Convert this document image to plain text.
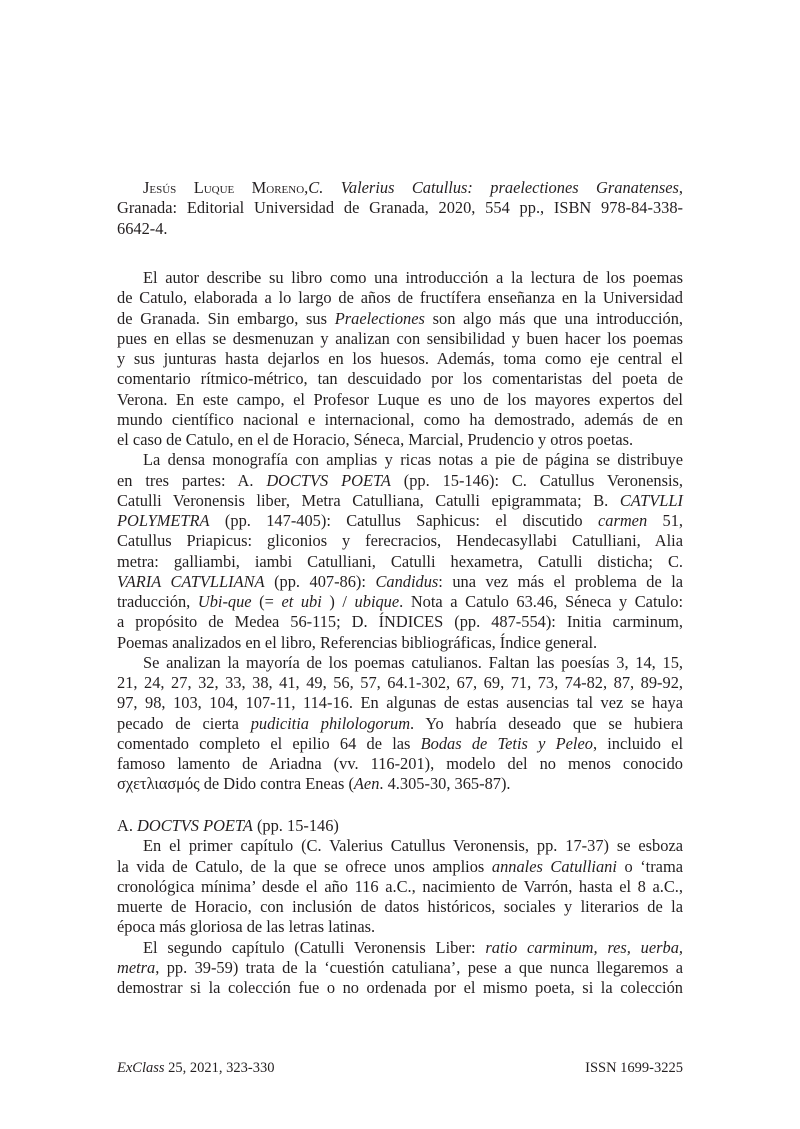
Jesús Luque Moreno,C. Valerius Catullus: praelectiones Granatenses,
Granada: Editorial Universidad de Granada, 2020, 554 pp., ISBN 978-84-338-
6642-4.
El autor describe su libro como una introducción a la lectura de los poemas
de Catulo, elaborada a lo largo de años de fructífera enseñanza en la Universidad
de Granada. Sin embargo, sus Praelectiones son algo más que una introducción,
pues en ellas se desmenuzan y analizan con sensibilidad y buen hacer los poemas
y sus junturas hasta dejarlos en los huesos. Además, toma como eje central el
comentario rítmico-métrico, tan descuidado por los comentaristas del poeta de
Verona. En este campo, el Profesor Luque es uno de los mayores expertos del
mundo científico nacional e internacional, como ha demostrado, además de en
el caso de Catulo, en el de Horacio, Séneca, Marcial, Prudencio y otros poetas.
La densa monografía con amplias y ricas notas a pie de página se distribuye
en tres partes: A. DOCTVS POETA (pp. 15-146): C. Catullus Veronensis,
Catulli Veronensis liber, Metra Catulliana, Catulli epigrammata; B. CATVLLI
POLYMETRA (pp. 147-405): Catullus Saphicus: el discutido carmen 51,
Catullus Priapicus: gliconios y ferecracios, Hendecasyllabi Catulliani, Alia
metra: galliambi, iambi Catulliani, Catulli hexametra, Catulli disticha; C.
VARIA CATVLLIANA (pp. 407-86): Candidus: una vez más el problema de la
traducción, Ubi-que (= et ubi ) / ubique. Nota a Catulo 63.46, Séneca y Catulo:
a propósito de Medea 56-115; D. ÍNDICES (pp. 487-554): Initia carminum,
Poemas analizados en el libro, Referencias bibliográficas, Índice general.
Se analizan la mayoría de los poemas catulianos. Faltan las poesías 3, 14, 15,
21, 24, 27, 32, 33, 38, 41, 49, 56, 57, 64.1-302, 67, 69, 71, 73, 74-82, 87, 89-92,
97, 98, 103, 104, 107-11, 114-16. En algunas de estas ausencias tal vez se haya
pecado de cierta pudicitia philologorum. Yo habría deseado que se hubiera
comentado completo el epilio 64 de las Bodas de Tetis y Peleo, incluido el
famoso lamento de Ariadna (vv. 116-201), modelo del no menos conocido
σχετλιασμός de Dido contra Eneas (Aen. 4.305-30, 365-87).
A. DOCTVS POETA (pp. 15-146)
En el primer capítulo (C. Valerius Catullus Veronensis, pp. 17-37) se esboza
la vida de Catulo, de la que se ofrece unos amplios annales Catulliani o ‘trama
cronológica mínima’ desde el año 116 a.C., nacimiento de Varrón, hasta el 8 a.C.,
muerte de Horacio, con inclusión de datos históricos, sociales y literarios de la
época más gloriosa de las letras latinas.
El segundo capítulo (Catulli Veronensis Liber: ratio carminum, res, uerba,
metra, pp. 39-59) trata de la ‘cuestión catuliana’, pese a que nunca llegaremos a
demostrar si la colección fue o no ordenada por el mismo poeta, si la colección
ExClass 25, 2021, 323-330	ISSN 1699-3225
